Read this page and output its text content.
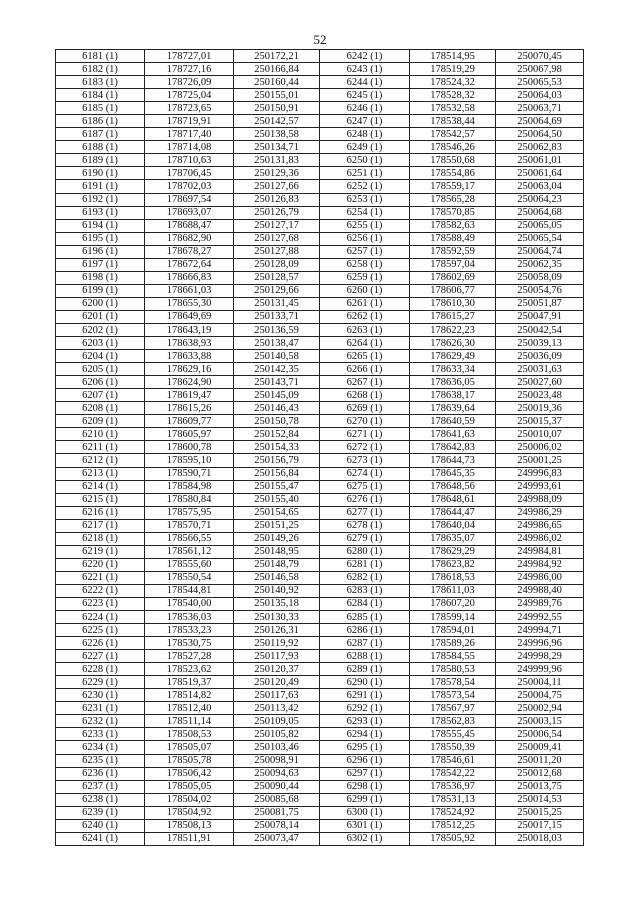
52
6181 (1)	178727,01	250172,21	6242 (1)	178514,95	250070,45
6182 (1)	178727,16	250166,84	6243 (1)	178519,29	250067,98
6183 (1)	178726,09	250160,44	6244 (1)	178524,32	250065,53
6184 (1)	178725,04	250155,01	6245 (1)	178528,32	250064,03
6185 (1)	178723,65	250150,91	6246 (1)	178532,58	250063,71
6186 (1)	178719,91	250142,57	6247 (1)	178538,44	250064,69
6187 (1)	178717,40	250138,58	6248 (1)	178542,57	250064,50
6188 (1)	178714,08	250134,71	6249 (1)	178546,26	250062,83
6189 (1)	178710,63	250131,83	6250 (1)	178550,68	250061,01
6190 (1)	178706,45	250129,36	6251 (1)	178554,86	250061,64
6191 (1)	178702,03	250127,66	6252 (1)	178559,17	250063,04
6192 (1)	178697,54	250126,83	6253 (1)	178565,28	250064,23
6193 (1)	178693,07	250126,79	6254 (1)	178570,85	250064,68
6194 (1)	178688,47	250127,17	6255 (1)	178582,63	250065,05
6195 (1)	178682,90	250127,68	6256 (1)	178588,49	250065,54
6196 (1)	178678,27	250127,88	6257 (1)	178592,59	250064,74
6197 (1)	178672,64	250128,09	6258 (1)	178597,04	250062,35
6198 (1)	178666,83	250128,57	6259 (1)	178602,69	250058,09
6199 (1)	178661,03	250129,66	6260 (1)	178606,77	250054,76
6200 (1)	178655,30	250131,45	6261 (1)	178610,30	250051,87
6201 (1)	178649,69	250133,71	6262 (1)	178615,27	250047,91
6202 (1)	178643,19	250136,59	6263 (1)	178622,23	250042,54
6203 (1)	178638,93	250138,47	6264 (1)	178626,30	250039,13
6204 (1)	178633,88	250140,58	6265 (1)	178629,49	250036,09
6205 (1)	178629,16	250142,35	6266 (1)	178633,34	250031,63
6206 (1)	178624,90	250143,71	6267 (1)	178636,05	250027,60
6207 (1)	178619,47	250145,09	6268 (1)	178638,17	250023,48
6208 (1)	178615,26	250146,43	6269 (1)	178639,64	250019,36
6209 (1)	178609,77	250150,78	6270 (1)	178640,59	250015,37
6210 (1)	178605,97	250152,84	6271 (1)	178641,63	250010,07
6211 (1)	178600,78	250154,33	6272 (1)	178642,83	250006,02
6212 (1)	178595,10	250156,79	6273 (1)	178644,73	250001,25
6213 (1)	178590,71	250156,84	6274 (1)	178645,35	249996,83
6214 (1)	178584,98	250155,47	6275 (1)	178648,56	249993,61
6215 (1)	178580,84	250155,40	6276 (1)	178648,61	249988,09
6216 (1)	178575,95	250154,65	6277 (1)	178644,47	249986,29
6217 (1)	178570,71	250151,25	6278 (1)	178640,04	249986,65
6218 (1)	178566,55	250149,26	6279 (1)	178635,07	249986,02
6219 (1)	178561,12	250148,95	6280 (1)	178629,29	249984,81
6220 (1)	178555,60	250148,79	6281 (1)	178623,82	249984,92
6221 (1)	178550,54	250146,58	6282 (1)	178618,53	249986,00
6222 (1)	178544,81	250140,92	6283 (1)	178611,03	249988,40
6223 (1)	178540,00	250135,18	6284 (1)	178607,20	249989,76
6224 (1)	178536,03	250130,33	6285 (1)	178599,14	249992,55
6225 (1)	178533,23	250126,31	6286 (1)	178594,01	249994,71
6226 (1)	178530,75	250119,92	6287 (1)	178589,26	249996,96
6227 (1)	178527,28	250117,93	6288 (1)	178584,55	249998,29
6228 (1)	178523,62	250120,37	6289 (1)	178580,53	249999,96
6229 (1)	178519,37	250120,49	6290 (1)	178578,54	250004,11
6230 (1)	178514,82	250117,63	6291 (1)	178573,54	250004,75
6231 (1)	178512,40	250113,42	6292 (1)	178567,97	250002,94
6232 (1)	178511,14	250109,05	6293 (1)	178562,83	250003,15
6233 (1)	178508,53	250105,82	6294 (1)	178555,45	250006,54
6234 (1)	178505,07	250103,46	6295 (1)	178550,39	250009,41
6235 (1)	178505,78	250098,91	6296 (1)	178546,61	250011,20
6236 (1)	178506,42	250094,63	6297 (1)	178542,22	250012,68
6237 (1)	178505,05	250090,44	6298 (1)	178536,97	250013,75
6238 (1)	178504,02	250085,68	6299 (1)	178531,13	250014,53
6239 (1)	178504,92	250081,75	6300 (1)	178524,92	250015,25
6240 (1)	178508,13	250078,14	6301 (1)	178512,25	250017,15
6241 (1)	178511,91	250073,47	6302 (1)	178505,92	250018,03
